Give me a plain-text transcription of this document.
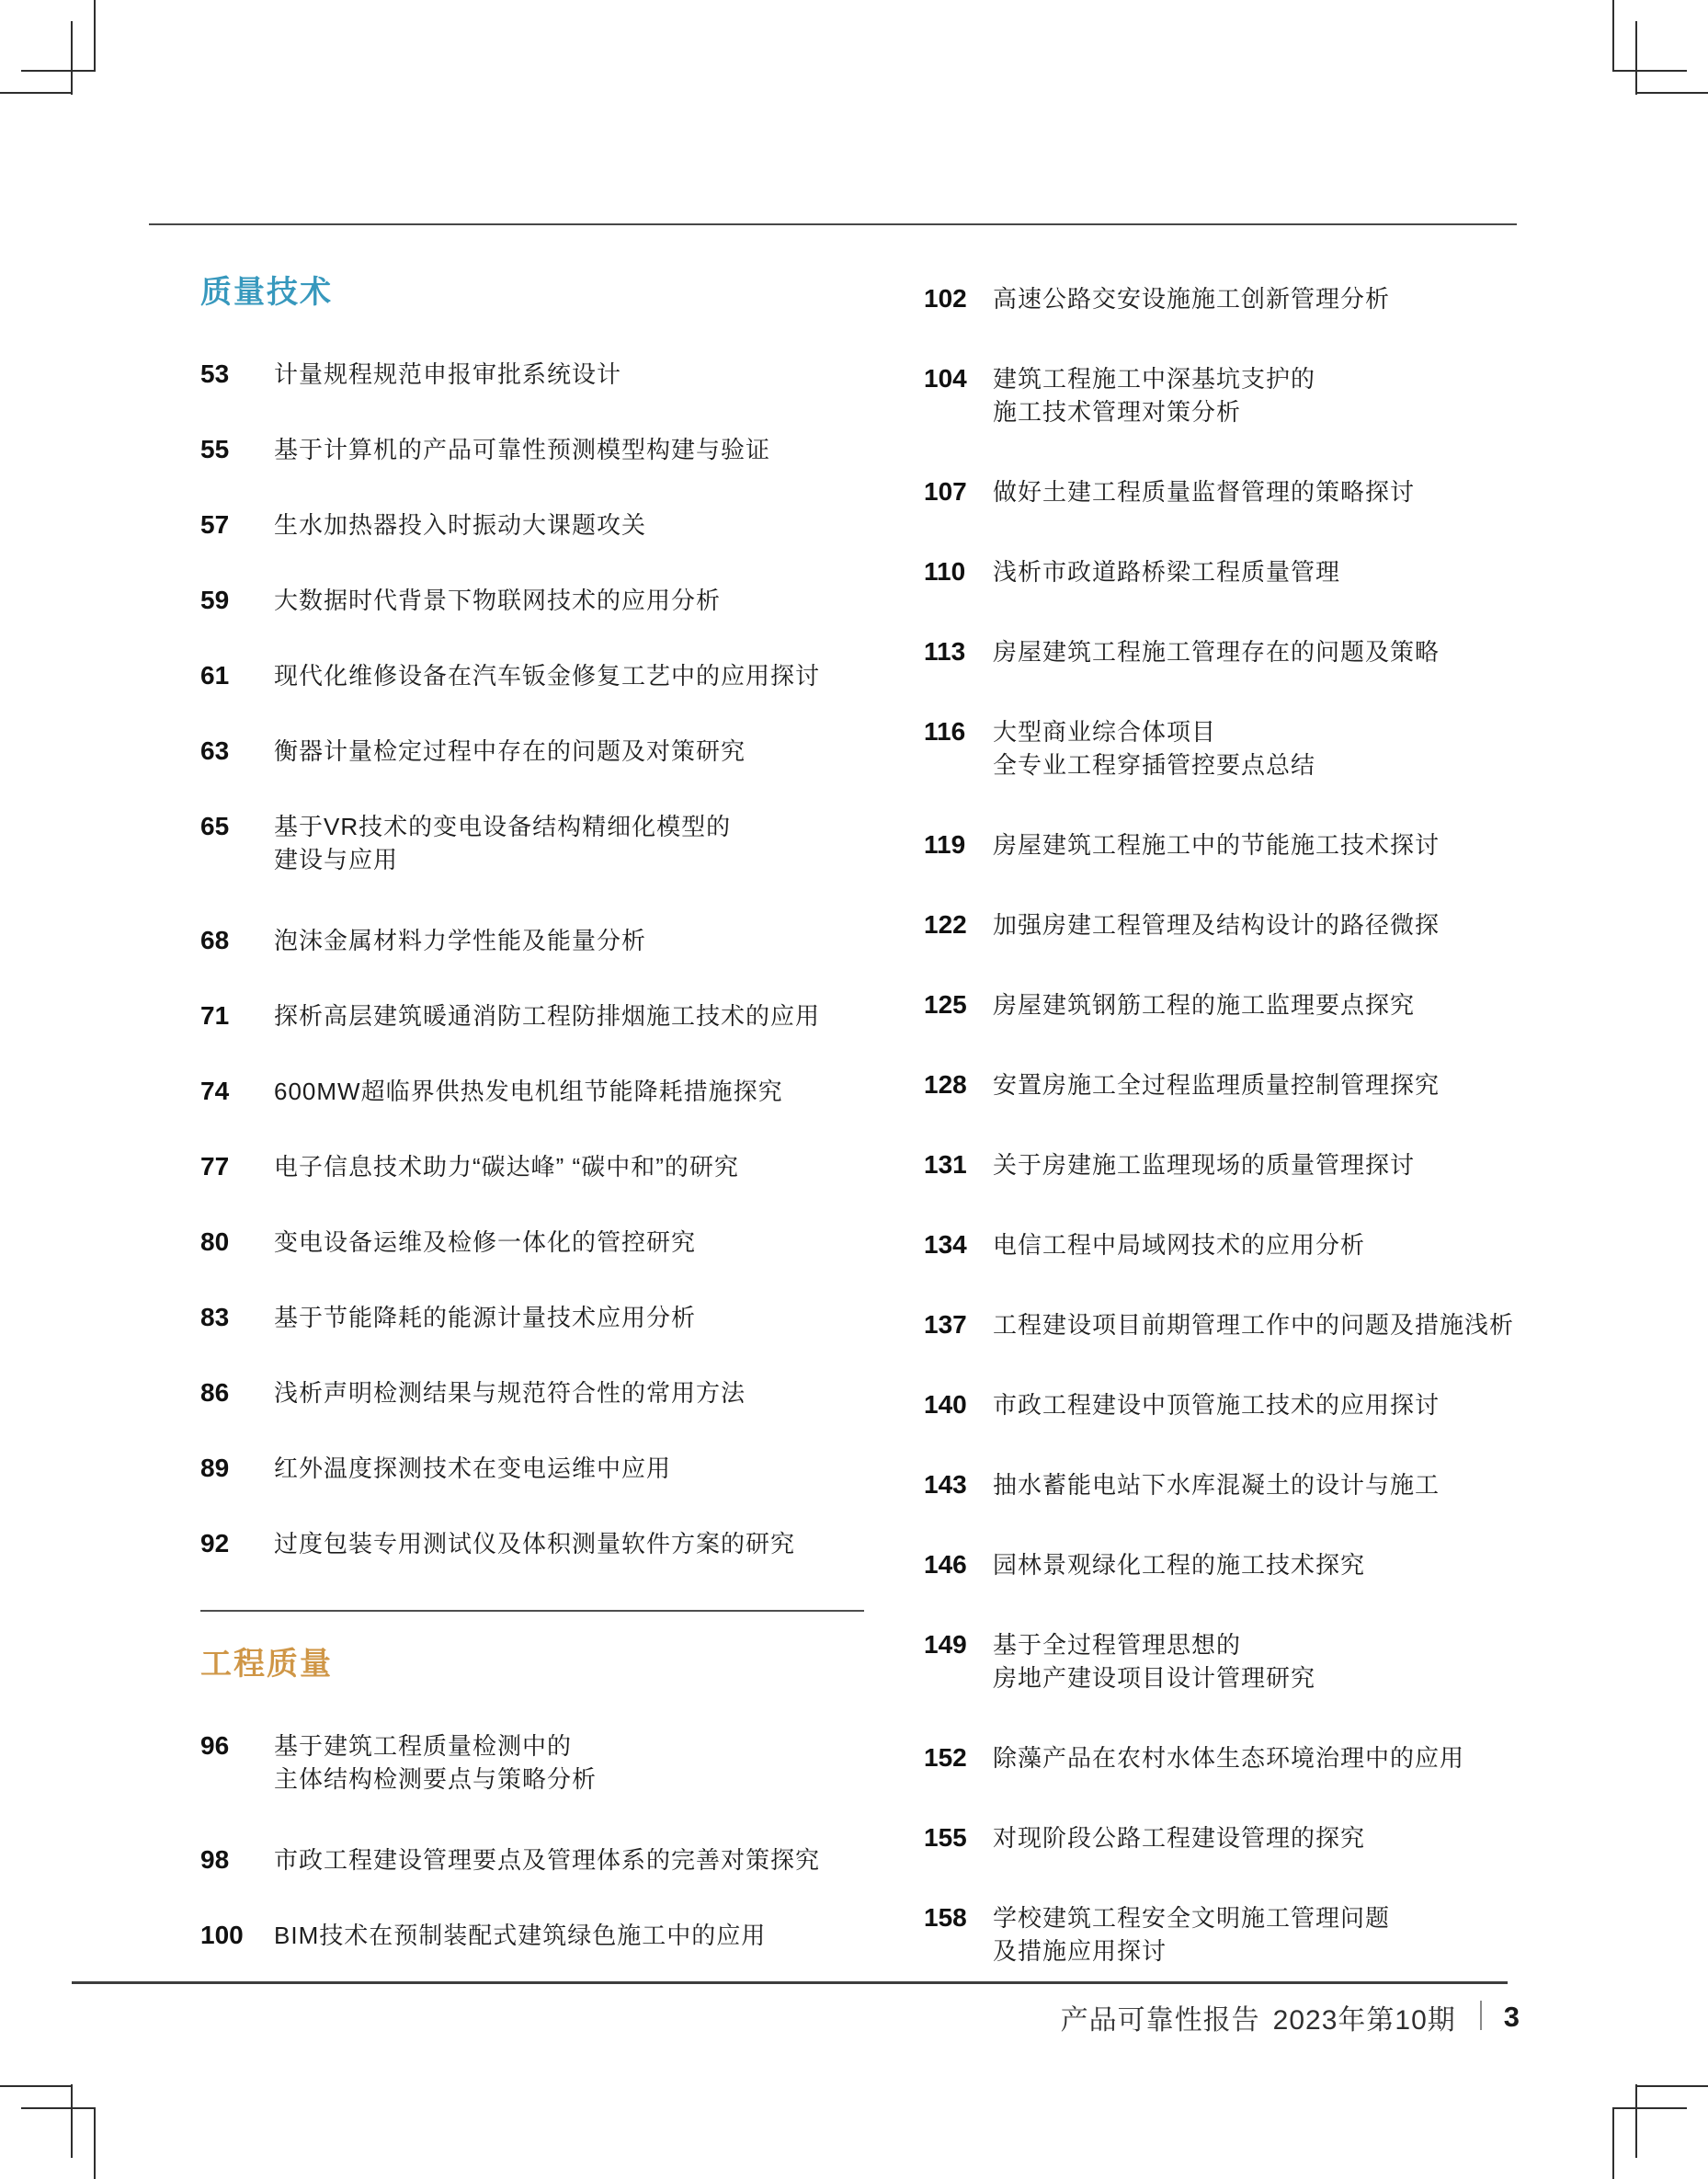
质量技术
53	计量规程规范申报审批系统设计
55	基于计算机的产品可靠性预测模型构建与验证
57	生水加热器投入时振动大课题攻关
59	大数据时代背景下物联网技术的应用分析
61	现代化维修设备在汽车钣金修复工艺中的应用探讨
63	衡器计量检定过程中存在的问题及对策研究
65	基于VR技术的变电设备结构精细化模型的
建设与应用
68	泡沫金属材料力学性能及能量分析
71	探析高层建筑暖通消防工程防排烟施工技术的应用
74	600MW超临界供热发电机组节能降耗措施探究
77	电子信息技术助力“碳达峰” “碳中和”的研究
80	变电设备运维及检修一体化的管控研究
83	基于节能降耗的能源计量技术应用分析
86	浅析声明检测结果与规范符合性的常用方法
89	红外温度探测技术在变电运维中应用
92	过度包装专用测试仪及体积测量软件方案的研究
工程质量
96	基于建筑工程质量检测中的
主体结构检测要点与策略分析
98	市政工程建设管理要点及管理体系的完善对策探究
100	BIM技术在预制装配式建筑绿色施工中的应用
102	高速公路交安设施施工创新管理分析
104	建筑工程施工中深基坑支护的
施工技术管理对策分析
107	做好土建工程质量监督管理的策略探讨
110	浅析市政道路桥梁工程质量管理
113	房屋建筑工程施工管理存在的问题及策略
116	大型商业综合体项目
全专业工程穿插管控要点总结
119	房屋建筑工程施工中的节能施工技术探讨
122	加强房建工程管理及结构设计的路径微探
125	房屋建筑钢筋工程的施工监理要点探究
128	安置房施工全过程监理质量控制管理探究
131	关于房建施工监理现场的质量管理探讨
134	电信工程中局域网技术的应用分析
137	工程建设项目前期管理工作中的问题及措施浅析
140	市政工程建设中顶管施工技术的应用探讨
143	抽水蓄能电站下水库混凝土的设计与施工
146	园林景观绿化工程的施工技术探究
149	基于全过程管理思想的
房地产建设项目设计管理研究
152	除藻产品在农村水体生态环境治理中的应用
155	对现阶段公路工程建设管理的探究
158	学校建筑工程安全文明施工管理问题
及措施应用探讨
产品可靠性报告 2023年第10期 3
